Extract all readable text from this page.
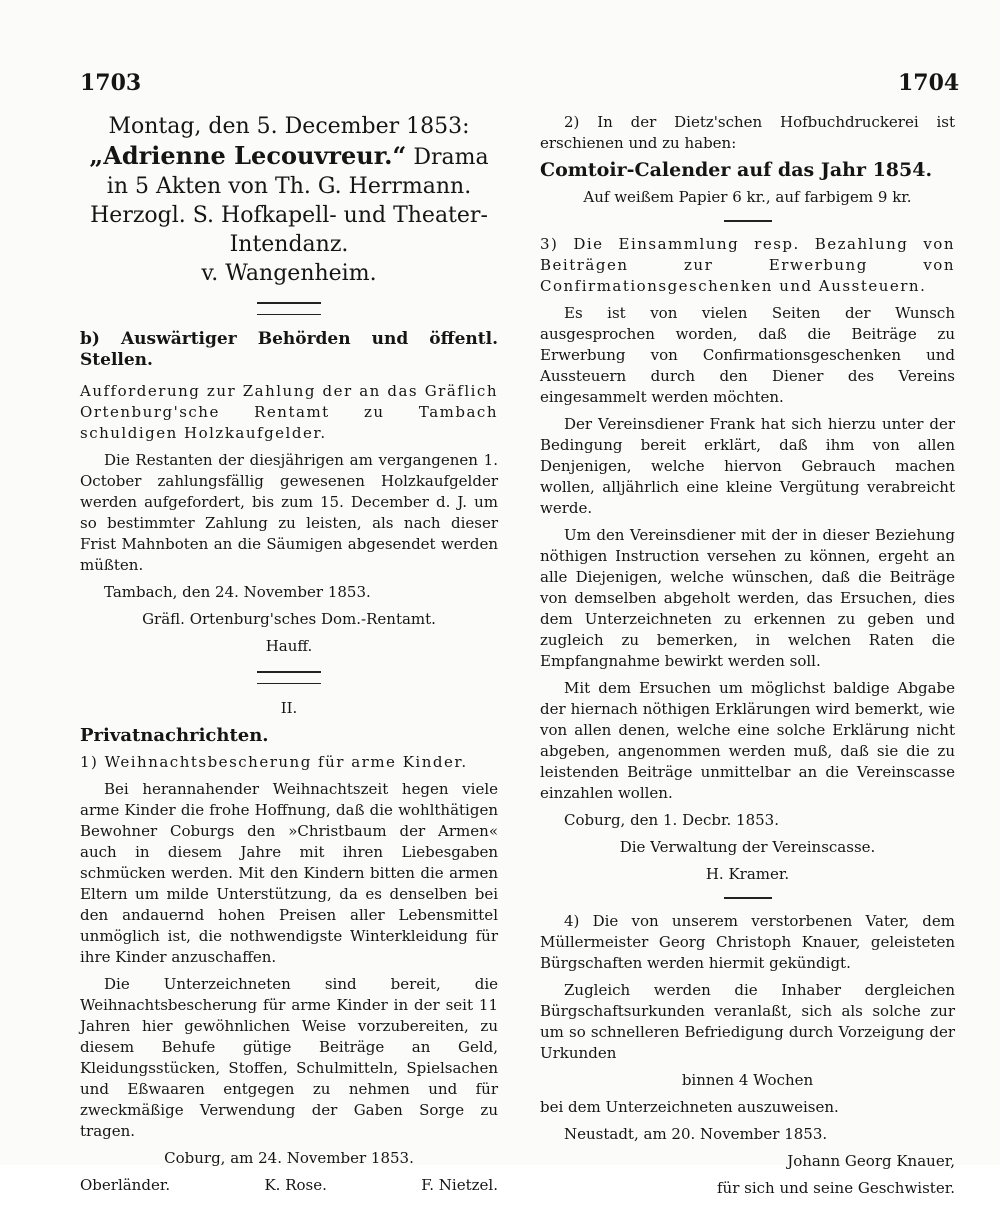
1703	1704
Montag, den 5. December 1853:
„Adrienne Lecouvreur.“ Drama
in 5 Akten von Th. G. Herrmann.
Herzogl. S. Hofkapell- und Theater-
Intendanz.
v. Wangenheim.

b) Auswärtiger Behörden und öffentl. Stellen.

Aufforderung zur Zahlung der an das Gräflich Ortenburg'sche Rentamt zu Tambach schuldigen Holzkaufgelder.

Die Restanten der diesjährigen am vergangenen 1. October zahlungsfällig gewesenen Holzkaufgelder werden aufgefordert, bis zum 15. December d. J. um so bestimmter Zahlung zu leisten, als nach dieser Frist Mahnboten an die Säumigen abgesendet werden müßten.

Tambach, den 24. November 1853.

Gräfl. Ortenburg'sches Dom.-Rentamt.

Hauff.

II.

Privatnachrichten.

1) Weihnachtsbescherung für arme Kinder.

Bei herannahender Weihnachtszeit hegen viele arme Kinder die frohe Hoffnung, daß die wohlthätigen Bewohner Coburgs den »Christbaum der Armen« auch in diesem Jahre mit ihren Liebesgaben schmücken werden. Mit den Kindern bitten die armen Eltern um milde Unterstützung, da es denselben bei den andauernd hohen Preisen aller Lebensmittel unmöglich ist, die nothwendigste Winterkleidung für ihre Kinder anzuschaffen.

Die Unterzeichneten sind bereit, die Weihnachtsbescherung für arme Kinder in der seit 11 Jahren hier gewöhnlichen Weise vorzubereiten, zu diesem Behufe gütige Beiträge an Geld, Kleidungsstücken, Stoffen, Schulmitteln, Spielsachen und Eßwaaren entgegen zu nehmen und für zweckmäßige Verwendung der Gaben Sorge zu tragen.

Coburg, am 24. November 1853.

Oberländer.	K. Rose.	F. Nietzel.

2) In der Dietz'schen Hofbuchdruckerei ist erschienen und zu haben:

Comtoir-Calender auf das Jahr 1854.

Auf weißem Papier 6 kr., auf farbigem 9 kr.

3) Die Einsammlung resp. Bezahlung von Beiträgen zur Erwerbung von Confirmationsgeschenken und Aussteuern.

Es ist von vielen Seiten der Wunsch ausgesprochen worden, daß die Beiträge zu Erwerbung von Confirmationsgeschenken und Aussteuern durch den Diener des Vereins eingesammelt werden möchten.

Der Vereinsdiener Frank hat sich hierzu unter der Bedingung bereit erklärt, daß ihm von allen Denjenigen, welche hiervon Gebrauch machen wollen, alljährlich eine kleine Vergütung verabreicht werde.

Um den Vereinsdiener mit der in dieser Beziehung nöthigen Instruction versehen zu können, ergeht an alle Diejenigen, welche wünschen, daß die Beiträge von demselben abgeholt werden, das Ersuchen, dies dem Unterzeichneten zu erkennen zu geben und zugleich zu bemerken, in welchen Raten die Empfangnahme bewirkt werden soll.

Mit dem Ersuchen um möglichst baldige Abgabe der hiernach nöthigen Erklärungen wird bemerkt, wie von allen denen, welche eine solche Erklärung nicht abgeben, angenommen werden muß, daß sie die zu leistenden Beiträge unmittelbar an die Vereinscasse einzahlen wollen.

Coburg, den 1. Decbr. 1853.

Die Verwaltung der Vereinscasse.

H. Kramer.

4) Die von unserem verstorbenen Vater, dem Müllermeister Georg Christoph Knauer, geleisteten Bürgschaften werden hiermit gekündigt.

Zugleich werden die Inhaber dergleichen Bürgschaftsurkunden veranlaßt, sich als solche zur um so schnelleren Befriedigung durch Vorzeigung der Urkunden

binnen 4 Wochen

bei dem Unterzeichneten auszuweisen.

Neustadt, am 20. November 1853.

Johann Georg Knauer,

für sich und seine Geschwister.
